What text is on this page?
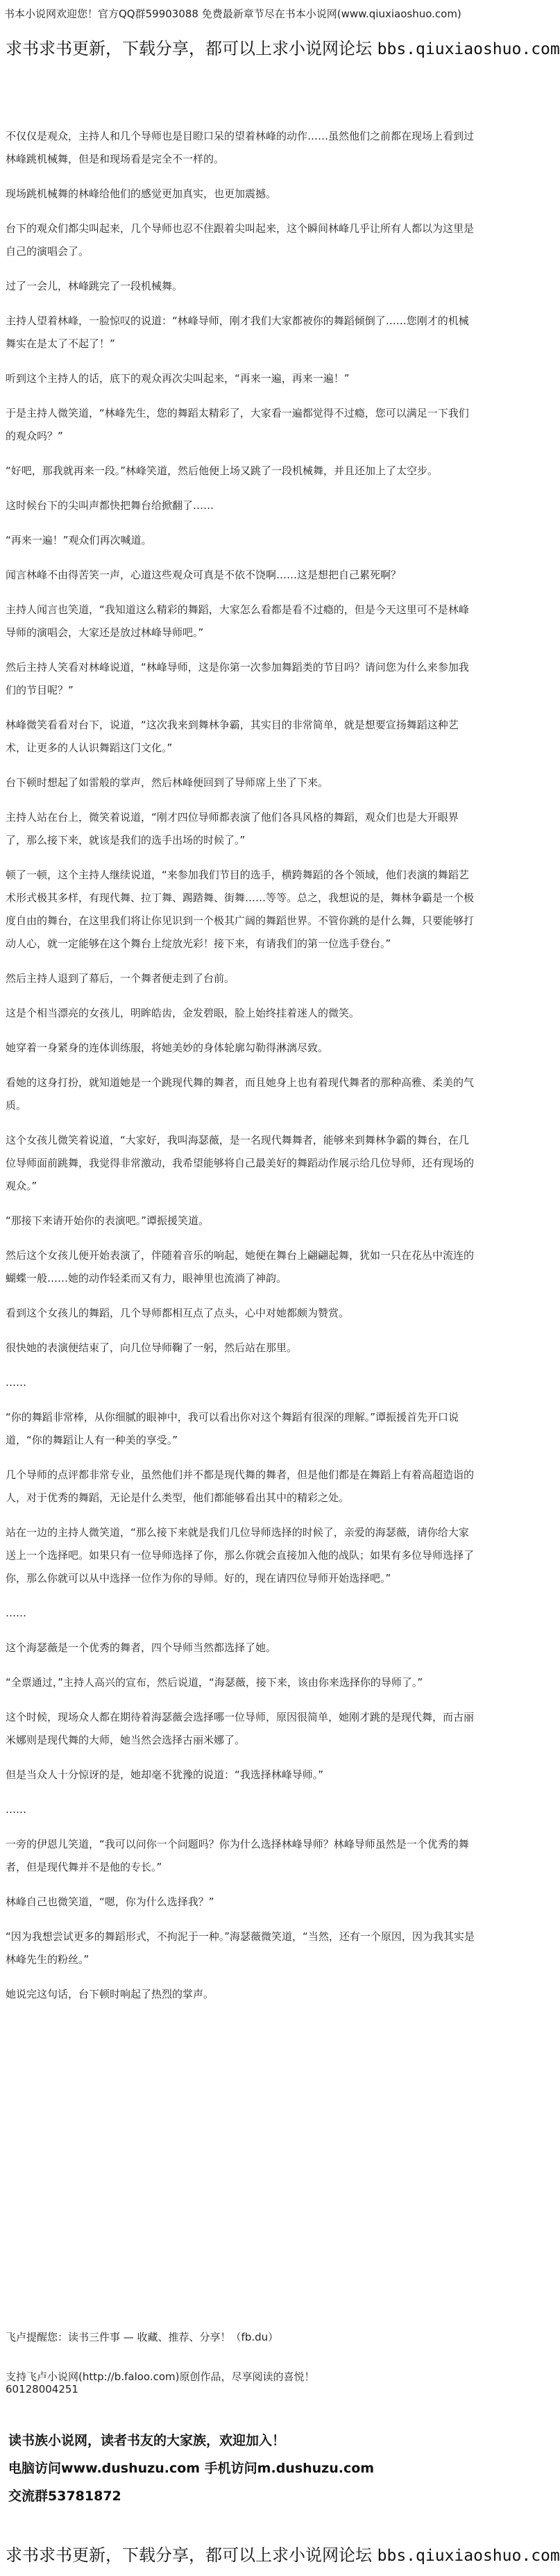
书本小说网欢迎您！官方QQ群59903088 免费最新章节尽在书本小说网(www.qiuxiaoshuo.com)
求书求书更新，下载分享，都可以上求小说网论坛 bbs.qiuxiaoshuo.com

不仅仅是观众，主持人和几个导师也是目瞪口呆的望着林峰的动作……虽然他们之前都在现场上看到过林峰跳机械舞，但是和现场看是完全不一样的。

现场跳机械舞的林峰给他们的感觉更加真实，也更加震撼。

台下的观众们都尖叫起来，几个导师也忍不住跟着尖叫起来，这个瞬间林峰几乎让所有人都以为这里是自己的演唱会了。

过了一会儿，林峰跳完了一段机械舞。

主持人望着林峰，一脸惊叹的说道：“林峰导师，刚才我们大家都被你的舞蹈倾倒了……您刚才的机械舞实在是太了不起了！”

听到这个主持人的话，底下的观众再次尖叫起来，“再来一遍，再来一遍！”

于是主持人微笑道，“林峰先生，您的舞蹈太精彩了，大家看一遍都觉得不过瘾，您可以满足一下我们的观众吗？”

“好吧，那我就再来一段。”林峰笑道，然后他便上场又跳了一段机械舞，并且还加上了太空步。

这时候台下的尖叫声都快把舞台给掀翻了……

“再来一遍！”观众们再次喊道。

闻言林峰不由得苦笑一声，心道这些观众可真是不依不饶啊……这是想把自己累死啊？

主持人闻言也笑道，“我知道这么精彩的舞蹈，大家怎么看都是看不过瘾的，但是今天这里可不是林峰导师的演唱会，大家还是放过林峰导师吧。”

然后主持人笑看对林峰说道，“林峰导师，这是你第一次参加舞蹈类的节目吗？请问您为什么来参加我们的节目呢？”

林峰微笑看看对台下，说道，“这次我来到舞林争霸，其实目的非常简单，就是想要宣扬舞蹈这种艺术，让更多的人认识舞蹈这门文化。”

台下顿时想起了如雷般的掌声，然后林峰便回到了导师席上坐了下来。

主持人站在台上，微笑着说道，“刚才四位导师都表演了他们各具风格的舞蹈，观众们也是大开眼界了，那么接下来，就该是我们的选手出场的时候了。”

顿了一顿，这个主持人继续说道，“来参加我们节目的选手，横跨舞蹈的各个领域，他们表演的舞蹈艺术形式极其多样，有现代舞、拉丁舞、踢踏舞、街舞……等等。总之，我想说的是，舞林争霸是一个极度自由的舞台，在这里我们将让你见识到一个极其广阔的舞蹈世界。不管你跳的是什么舞，只要能够打动人心，就一定能够在这个舞台上绽放光彩！接下来，有请我们的第一位选手登台。”

然后主持人退到了幕后，一个舞者便走到了台前。

这是个相当漂亮的女孩儿，明眸皓齿，金发碧眼，脸上始终挂着迷人的微笑。

她穿着一身紧身的连体训练服，将她美妙的身体轮廓勾勒得淋漓尽致。

看她的这身打扮，就知道她是一个跳现代舞的舞者，而且她身上也有着现代舞者的那种高雅、柔美的气质。

这个女孩儿微笑着说道，“大家好，我叫海瑟薇，是一名现代舞舞者，能够来到舞林争霸的舞台，在几位导师面前跳舞，我觉得非常激动，我希望能够将自己最美好的舞蹈动作展示给几位导师，还有现场的观众。”

“那接下来请开始你的表演吧。”谭振援笑道。

然后这个女孩儿便开始表演了，伴随着音乐的响起，她便在舞台上翩翩起舞，犹如一只在花丛中流连的蝴蝶一般……她的动作轻柔而又有力，眼神里也流淌了神韵。

看到这个女孩儿的舞蹈，几个导师都相互点了点头，心中对她都颇为赞赏。

很快她的表演便结束了，向几位导师鞠了一躬，然后站在那里。

……

“你的舞蹈非常棒，从你细腻的眼神中，我可以看出你对这个舞蹈有很深的理解。”谭振援首先开口说道，“你的舞蹈让人有一种美的享受。”

几个导师的点评都非常专业，虽然他们并不都是现代舞的舞者，但是他们都是在舞蹈上有着高超造诣的人，对于优秀的舞蹈，无论是什么类型，他们都能够看出其中的精彩之处。

站在一边的主持人微笑道，“那么接下来就是我们几位导师选择的时候了，亲爱的海瑟薇，请你给大家送上一个选择吧。如果只有一位导师选择了你，那么你就会直接加入他的战队；如果有多位导师选择了你，那么你就可以从中选择一位作为你的导师。好的，现在请四位导师开始选择吧。”

……

这个海瑟薇是一个优秀的舞者，四个导师当然都选择了她。

“全票通过，”主持人高兴的宣布，然后说道，“海瑟薇，接下来，该由你来选择你的导师了。”

这个时候，现场众人都在期待着海瑟薇会选择哪一位导师，原因很简单，她刚才跳的是现代舞，而古丽米娜则是现代舞的大师，她当然会选择古丽米娜了。

但是当众人十分惊讶的是，她却毫不犹豫的说道：“我选择林峰导师。”

……

一旁的伊恩儿笑道，“我可以问你一个问题吗？你为什么选择林峰导师？林峰导师虽然是一个优秀的舞者，但是现代舞并不是他的专长。”

林峰自己也微笑道，“嗯，你为什么选择我？”

“因为我想尝试更多的舞蹈形式，不拘泥于一种。”海瑟薇微笑道，“当然，还有一个原因，因为我其实是林峰先生的粉丝。”

她说完这句话，台下顿时响起了热烈的掌声。

飞卢提醒您：读书三件事 — 收藏、推荐、分享！（fb.du）
支持飞卢小说网(http://b.faloo.com)原创作品，尽享阅读的喜悦！
60128004251
读书族小说网，读者书友的大家族，欢迎加入！
电脑访问www.dushuzu.com 手机访问m.dushuzu.com
交流群53781872
求书求书更新，下载分享，都可以上求小说网论坛 bbs.qiuxiaoshuo.com
